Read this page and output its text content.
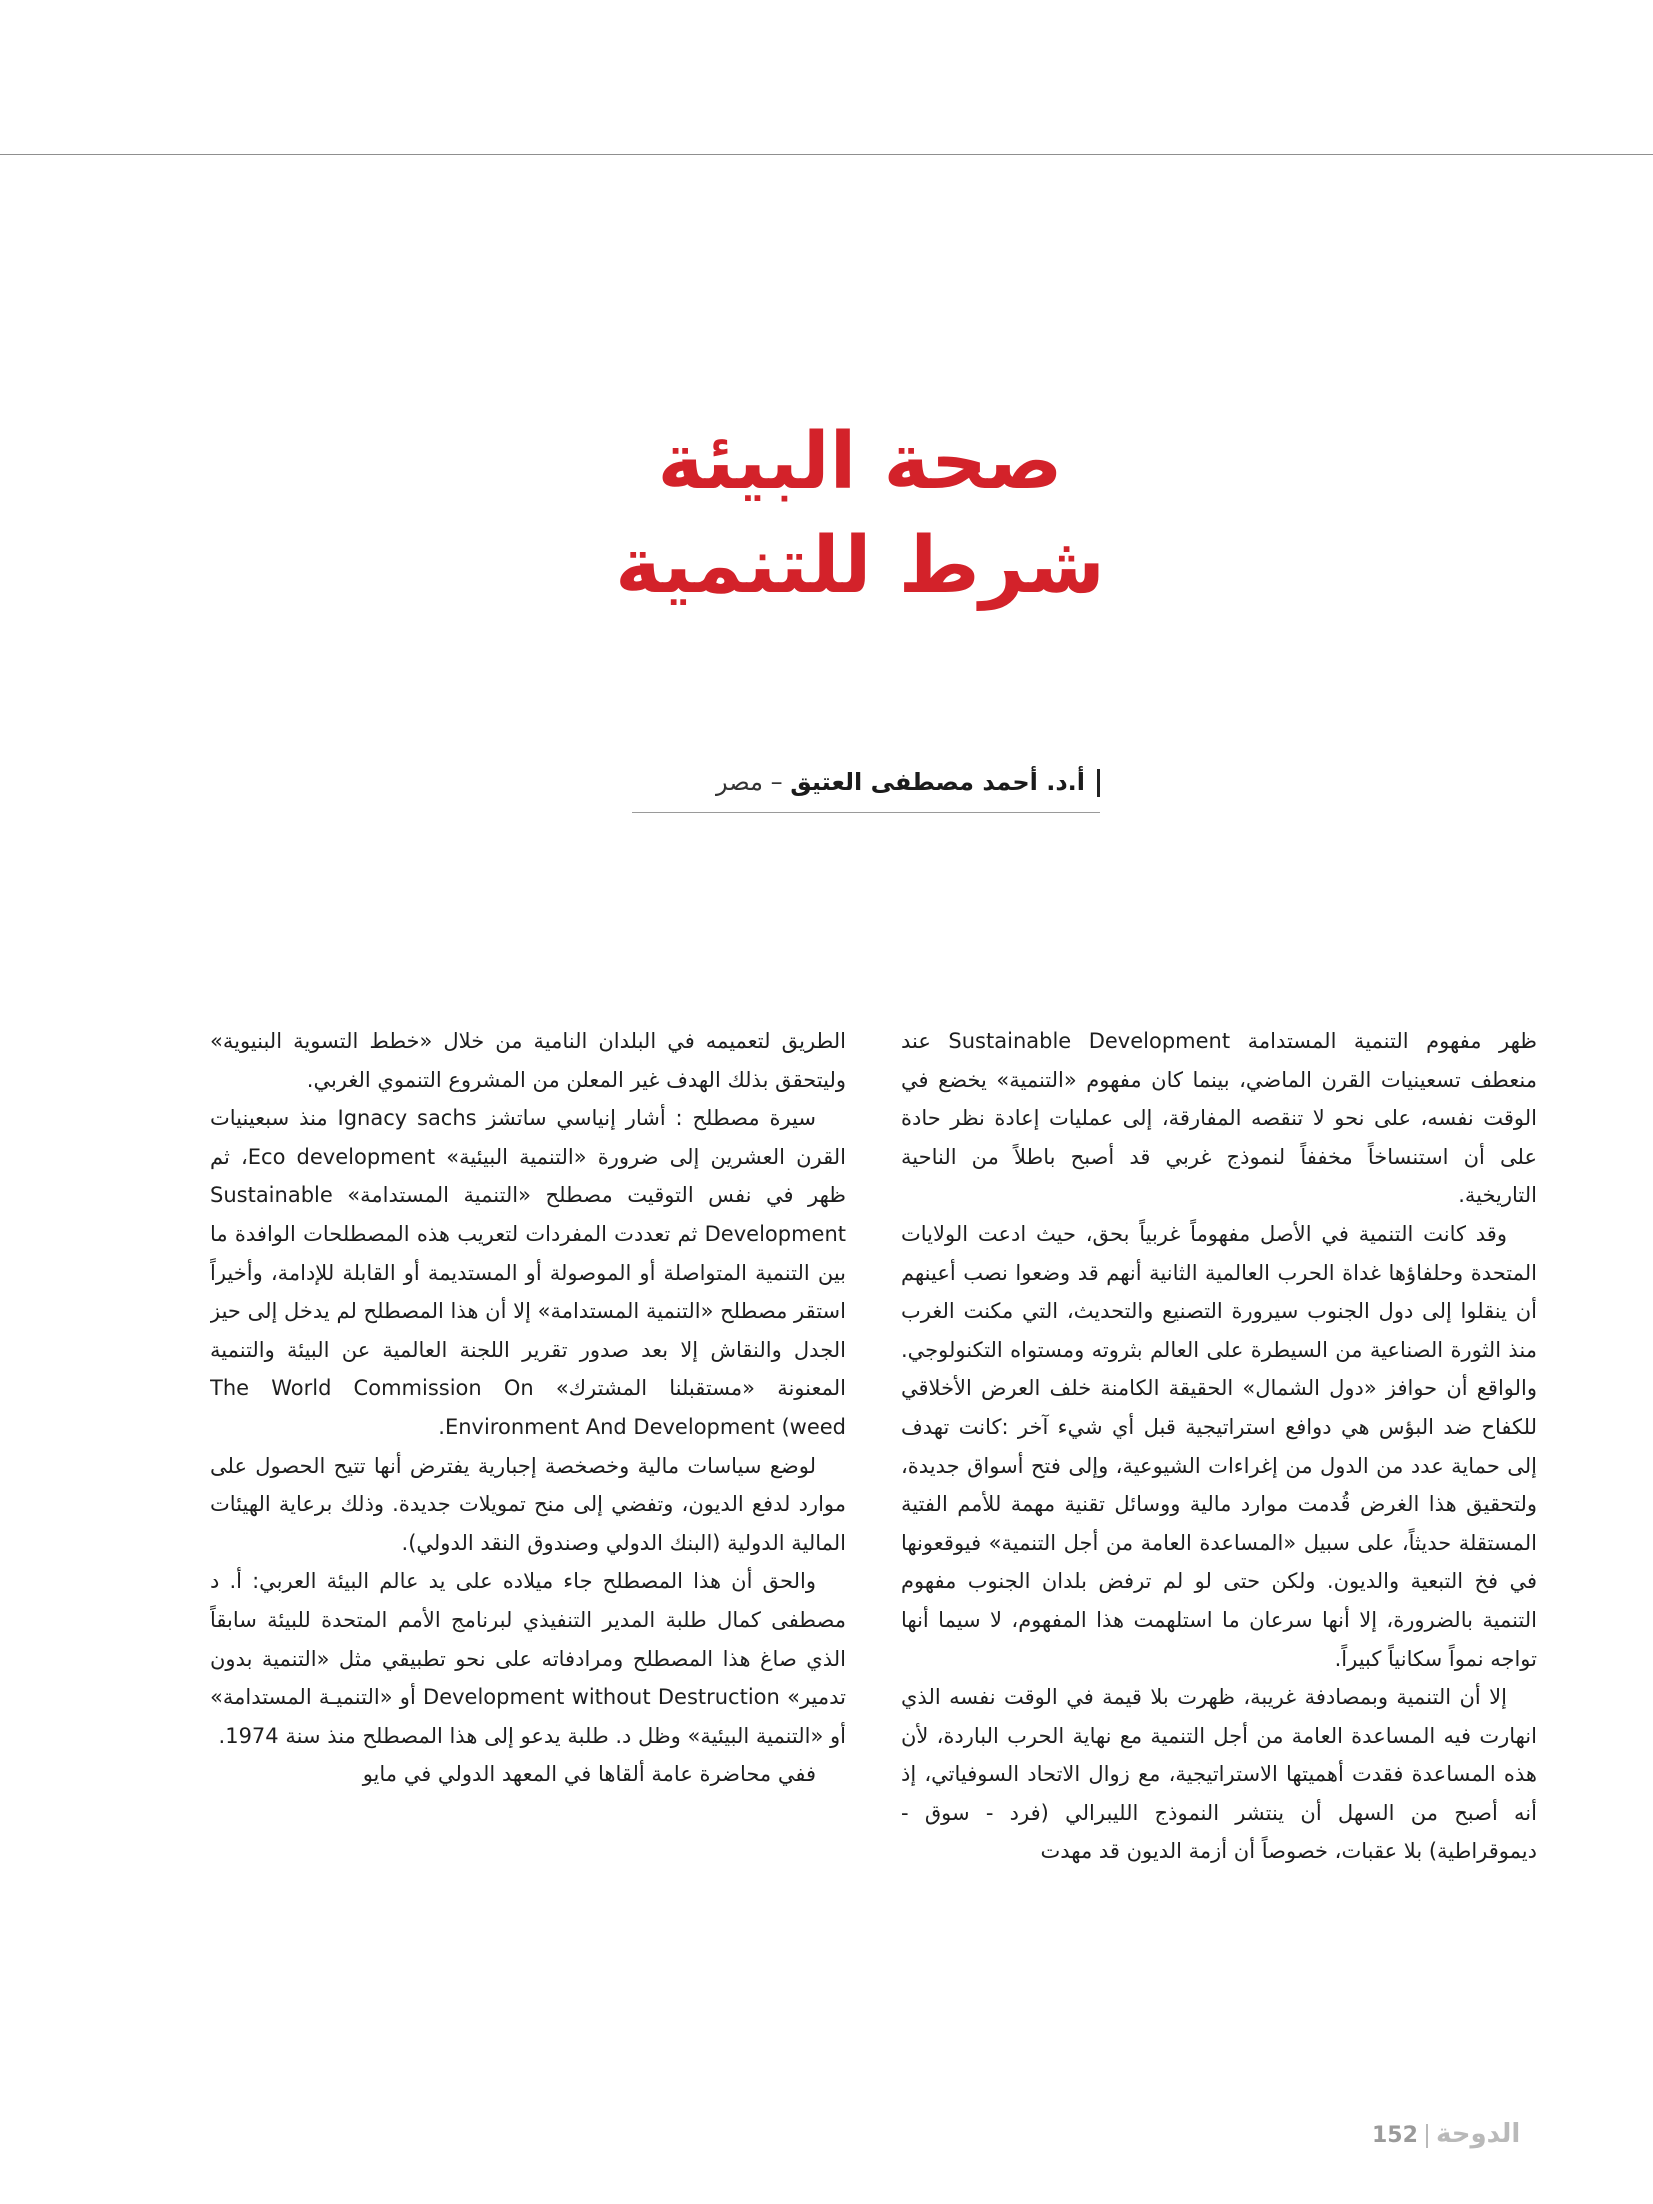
صحة البيئة
شرط للتنمية
أ.د. أحمد مصطفى العتيق – مصر

ظهر مفهوم التنمية المستدامة Sustainable Development عند منعطف تسعينيات القرن الماضي، بينما كان مفهوم «التنمية» يخضع في الوقت نفسه، على نحو لا تنقصه المفارقة، إلى عمليات إعادة نظر حادة على أن استنساخاً مخففاً لنموذج غربي قد أصبح باطلاً من الناحية التاريخية.

وقد كانت التنمية في الأصل مفهوماً غربياً بحق، حيث ادعت الولايات المتحدة وحلفاؤها غداة الحرب العالمية الثانية أنهم قد وضعوا نصب أعينهم أن ينقلوا إلى دول الجنوب سيرورة التصنيع والتحديث، التي مكنت الغرب منذ الثورة الصناعية من السيطرة على العالم بثروته ومستواه التكنولوجي. والواقع أن حوافز «دول الشمال» الحقيقة الكامنة خلف العرض الأخلاقي للكفاح ضد البؤس هي دوافع استراتيجية قبل أي شيء آخر :كانت تهدف إلى حماية عدد من الدول من إغراءات الشيوعية، وإلى فتح أسواق جديدة، ولتحقيق هذا الغرض قُدمت موارد مالية ووسائل تقنية مهمة للأمم الفتية المستقلة حديثاً، على سبيل «المساعدة العامة من أجل التنمية» فيوقعونها في فخ التبعية والديون. ولكن حتى لو لم ترفض بلدان الجنوب مفهوم التنمية بالضرورة، إلا أنها سرعان ما استلهمت هذا المفهوم، لا سيما أنها تواجه نمواً سكانياً كبيراً.

إلا أن التنمية وبمصادفة غريبة، ظهرت بلا قيمة في الوقت نفسه الذي انهارت فيه المساعدة العامة من أجل التنمية مع نهاية الحرب الباردة، لأن هذه المساعدة فقدت أهميتها الاستراتيجية، مع زوال الاتحاد السوفياتي، إذ أنه أصبح من السهل أن ينتشر النموذج الليبرالي (فرد - سوق - ديموقراطية) بلا عقبات، خصوصاً أن أزمة الديون قد مهدت

الطريق لتعميمه في البلدان النامية من خلال «خطط التسوية البنيوية» وليتحقق بذلك الهدف غير المعلن من المشروع التنموي الغربي.

سيرة مصطلح : أشار إنياسي ساتشز Ignacy sachs منذ سبعينيات القرن العشرين إلى ضرورة «التنمية البيئية» Eco development، ثم ظهر في نفس التوقيت مصطلح «التنمية المستدامة» Sustainable Development ثم تعددت المفردات لتعريب هذه المصطلحات الوافدة ما بين التنمية المتواصلة أو الموصولة أو المستديمة أو القابلة للإدامة، وأخيراً استقر مصطلح «التنمية المستدامة» إلا أن هذا المصطلح لم يدخل إلى حيز الجدل والنقاش إلا بعد صدور تقرير اللجنة العالمية عن البيئة والتنمية المعنونة «مستقبلنا المشترك» The World Commission On Environment And Development (weed.

لوضع سياسات مالية وخصخصة إجبارية يفترض أنها تتيح الحصول على موارد لدفع الديون، وتفضي إلى منح تمويلات جديدة. وذلك برعاية الهيئات المالية الدولية (البنك الدولي وصندوق النقد الدولي).

والحق أن هذا المصطلح جاء ميلاده على يد عالم البيئة العربي: أ. د مصطفى كمال طلبة المدير التنفيذي لبرنامج الأمم المتحدة للبيئة سابقاً الذي صاغ هذا المصطلح ومرادفاته على نحو تطبيقي مثل «التنمية بدون تدمير» Development without Destruction أو «التنميـة المستدامة» أو «التنمية البيئية» وظل د. طلبة يدعو إلى هذا المصطلح منذ سنة 1974.

ففي محاضرة عامة ألقاها في المعهد الدولي في مايو

الدوحة152
